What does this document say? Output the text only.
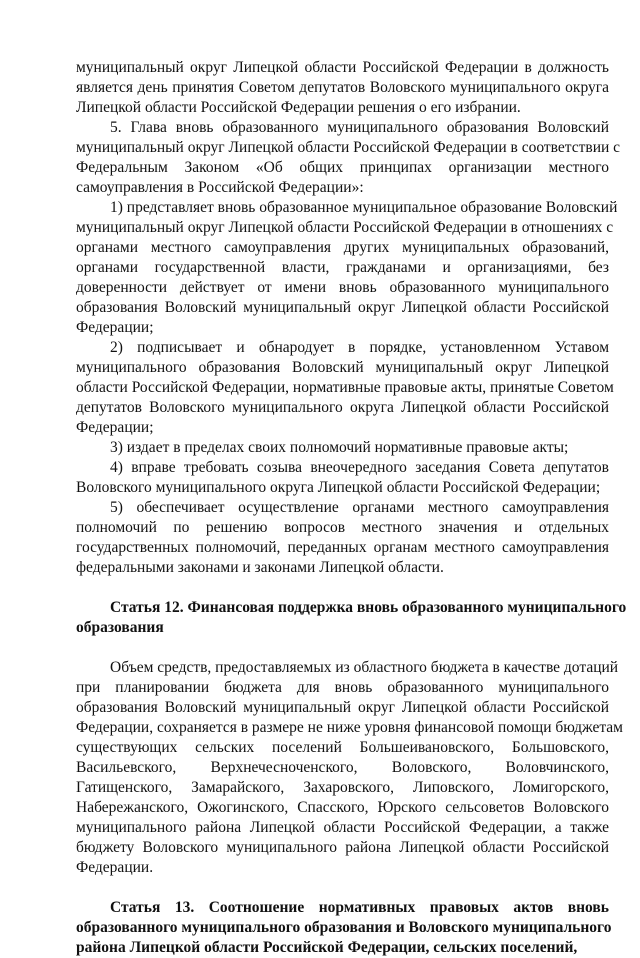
муниципальный округ Липецкой области Российской Федерации в должность
является день принятия Советом депутатов Воловского муниципального округа
Липецкой области Российской Федерации решения о его избрании.
5. Глава вновь образованного муниципального образования Воловский
муниципальный округ Липецкой области Российской Федерации в соответствии с
Федеральным Законом «Об общих принципах организации местного
самоуправления в Российской Федерации»:
1) представляет вновь образованное муниципальное образование Воловский
муниципальный округ Липецкой области Российской Федерации в отношениях с
органами местного самоуправления других муниципальных образований,
органами государственной власти, гражданами и организациями, без
доверенности действует от имени вновь образованного муниципального
образования Воловский муниципальный округ Липецкой области Российской
Федерации;
2) подписывает и обнародует в порядке, установленном Уставом
муниципального образования Воловский муниципальный округ Липецкой
области Российской Федерации, нормативные правовые акты, принятые Советом
депутатов Воловского муниципального округа Липецкой области Российской
Федерации;
3) издает в пределах своих полномочий нормативные правовые акты;
4) вправе требовать созыва внеочередного заседания Совета депутатов
Воловского муниципального округа Липецкой области Российской Федерации;
5) обеспечивает осуществление органами местного самоуправления
полномочий по решению вопросов местного значения и отдельных
государственных полномочий, переданных органам местного самоуправления
федеральными законами и законами Липецкой области.
Статья 12. Финансовая поддержка вновь образованного муниципального
образования
Объем средств, предоставляемых из областного бюджета в качестве дотаций
при планировании бюджета для вновь образованного муниципального
образования Воловский муниципальный округ Липецкой области Российской
Федерации, сохраняется в размере не ниже уровня финансовой помощи бюджетам
существующих сельских поселений Большеивановского, Большовского,
Васильевского, Верхнечесноченского, Воловского, Воловчинского,
Гатищенского, Замарайского, Захаровского, Липовского, Ломигорского,
Набережанского, Ожогинского, Спасского, Юрского сельсоветов Воловского
муниципального района Липецкой области Российской Федерации, а также
бюджету Воловского муниципального района Липецкой области Российской
Федерации.
Статья 13. Соотношение нормативных правовых актов вновь
образованного муниципального образования и Воловского муниципального
района Липецкой области Российской Федерации, сельских поселений,
